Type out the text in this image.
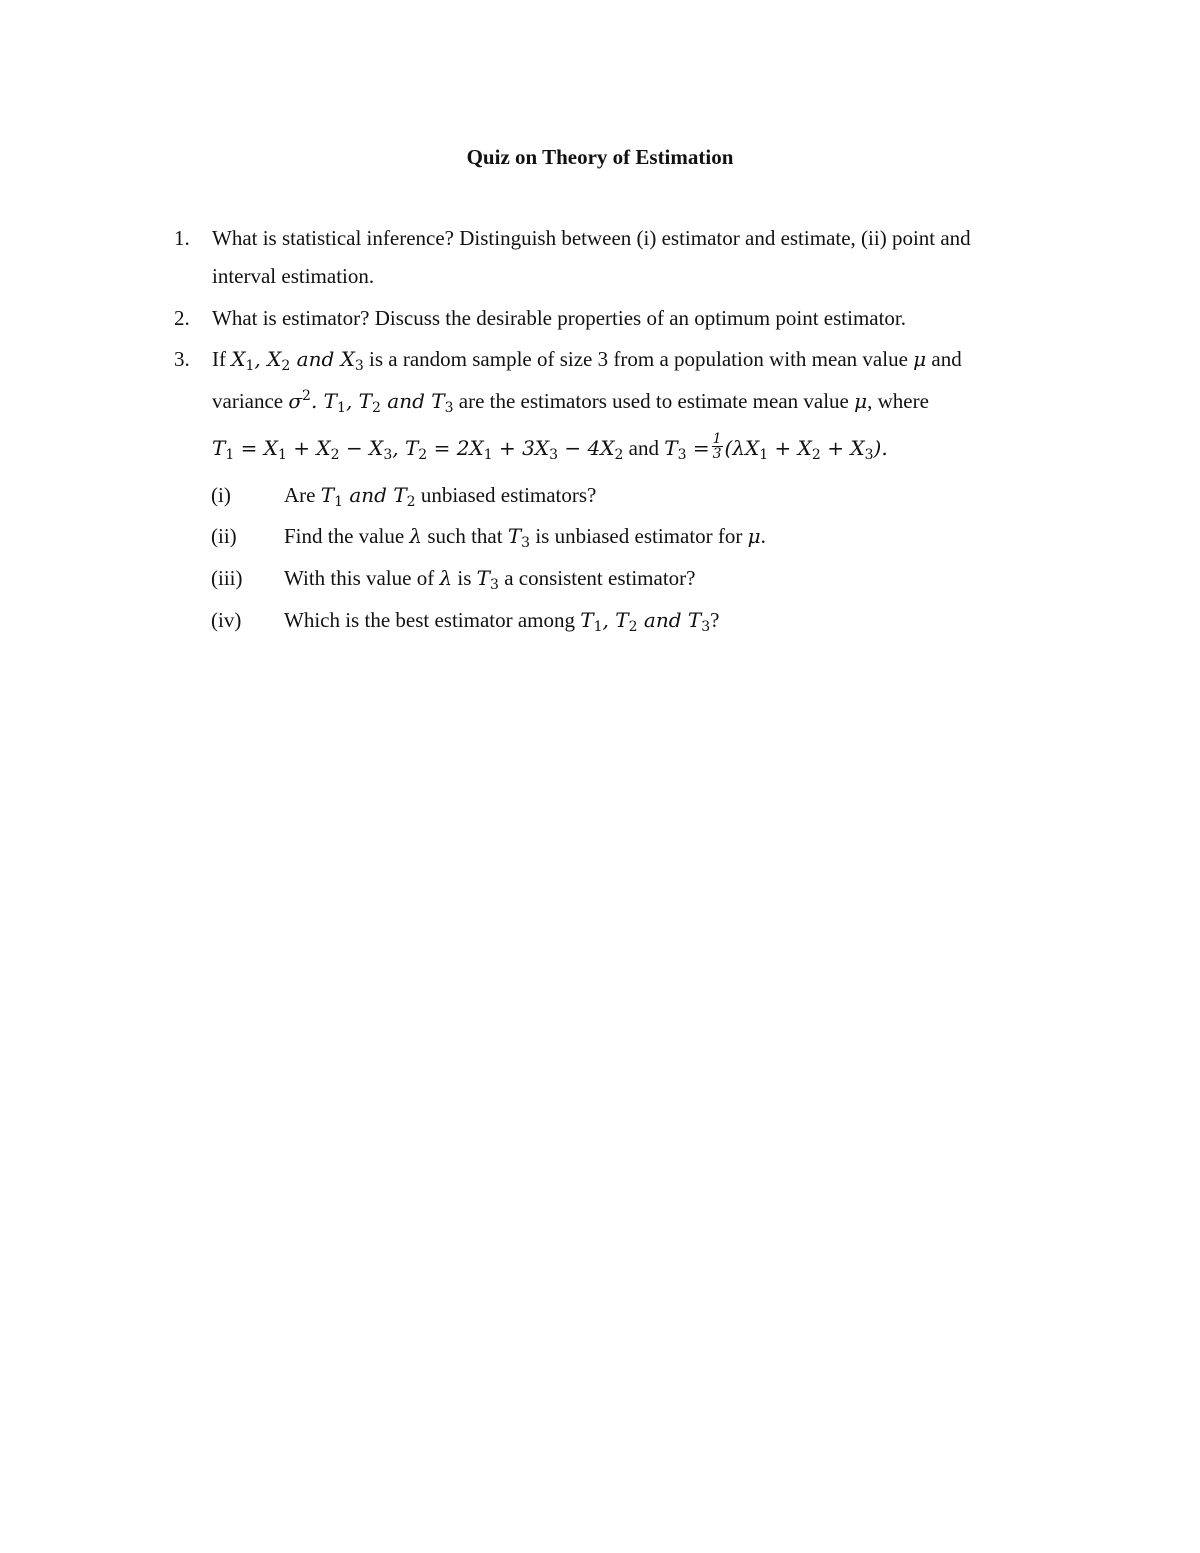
Quiz on Theory of Estimation
1. What is statistical inference? Distinguish between (i) estimator and estimate, (ii) point and
interval estimation.
2. What is estimator? Discuss the desirable properties of an optimum point estimator.
3. If $X_1$, $X_2$ and $X_3$ is a random sample of size 3 from a population with mean value μ and
variance $\sigma^2$. $T_1$, $T_2$ and $T_3$ are the estimators used to estimate mean value μ, where
$T_1 = X_1 + X_2 - X_3$, $T_2 = 2X_1 + 3X_3 - 4X_2$ and $T_3 = \frac{1}{3} (\lambda X_1 + X_2 + X_3)$.
(i)	Are $T_1$ and $T_2$ unbiased estimators?
(ii) Find the value λ such that $T_3$ is unbiased estimator for μ.
(iii) With this value of λ is $T_3$ a consistent estimator?
(iv) Which is the best estimator among $T_1$, $T_2$ and $T_3$?
